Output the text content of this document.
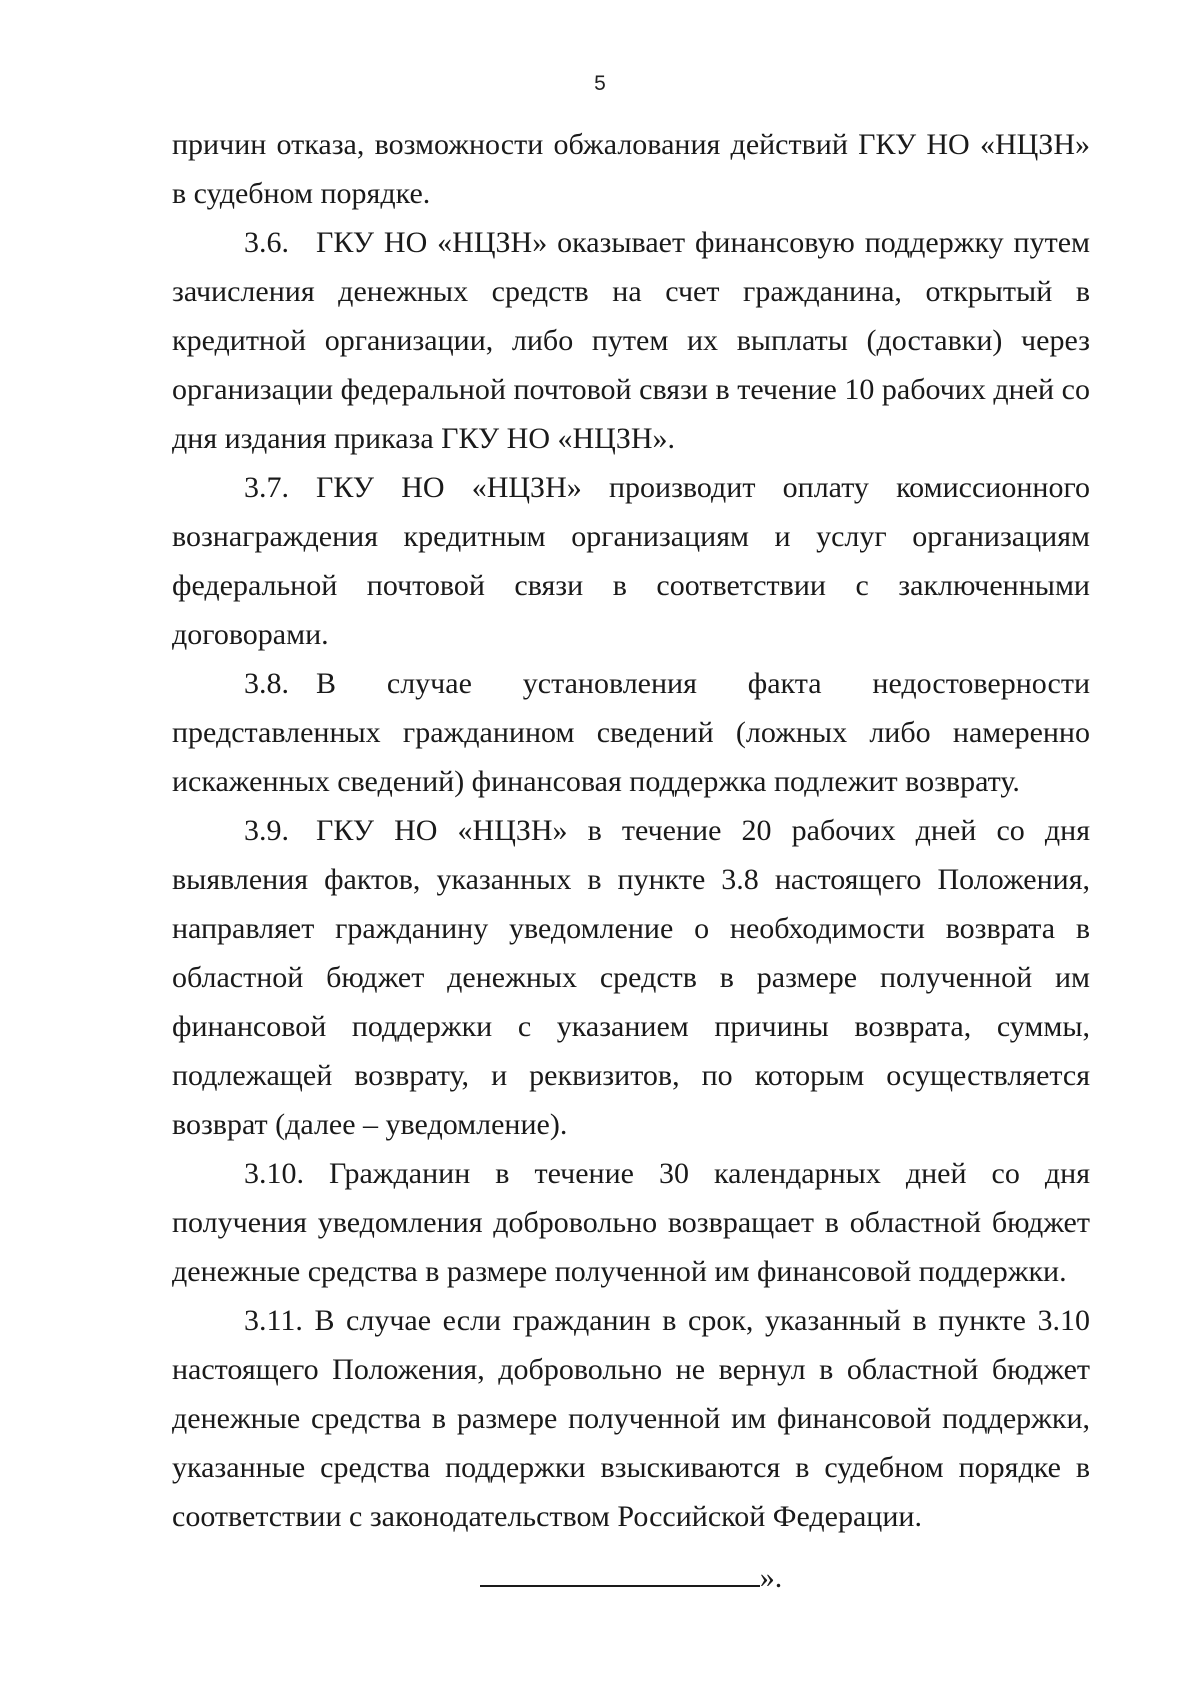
5

причин отказа, возможности обжалования действий ГКУ НО «НЦЗН» в судебном порядке.

3.6. ГКУ НО «НЦЗН» оказывает финансовую поддержку путем зачисления денежных средств на счет гражданина, открытый в кредитной организации, либо путем их выплаты (доставки) через организации федеральной почтовой связи в течение 10 рабочих дней со дня издания приказа ГКУ НО «НЦЗН».

3.7. ГКУ НО «НЦЗН» производит оплату комиссионного вознаграждения кредитным организациям и услуг организациям федеральной почтовой связи в соответствии с заключенными договорами.

3.8. В случае установления факта недостоверности представленных гражданином сведений (ложных либо намеренно искаженных сведений) финансовая поддержка подлежит возврату.

3.9. ГКУ НО «НЦЗН» в течение 20 рабочих дней со дня выявления фактов, указанных в пункте 3.8 настоящего Положения, направляет гражданину уведомление о необходимости возврата в областной бюджет денежных средств в размере полученной им финансовой поддержки с указанием причины возврата, суммы, подлежащей возврату, и реквизитов, по которым осуществляется возврат (далее – уведомление).

3.10. Гражданин в течение 30 календарных дней со дня получения уведомления добровольно возвращает в областной бюджет денежные средства в размере полученной им финансовой поддержки.

3.11. В случае если гражданин в срок, указанный в пункте 3.10 настоящего Положения, добровольно не вернул в областной бюджет денежные средства в размере полученной им финансовой поддержки, указанные средства поддержки взыскиваются в судебном порядке в соответствии с законодательством Российской Федерации.

».
